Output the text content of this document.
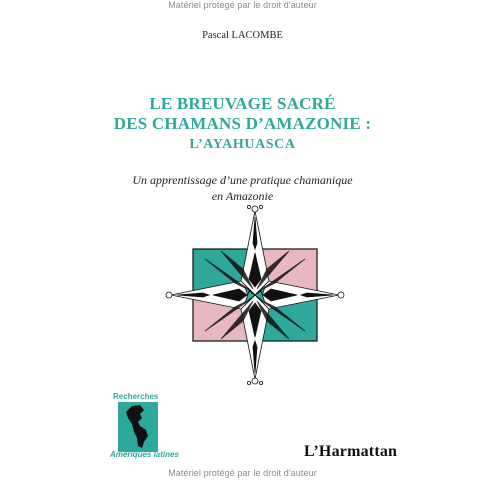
Matériel protégé par le droit d'auteur
Pascal LACOMBE
LE BREUVAGE SACRÉ
DES CHAMANS D’AMAZONIE :
L’AYAHUASCA
Un apprentissage d’une pratique chamanique
en Amazonie
Recherches
Amériques latines	L’Harmattan
Matériel protégé par le droit d'auteur
